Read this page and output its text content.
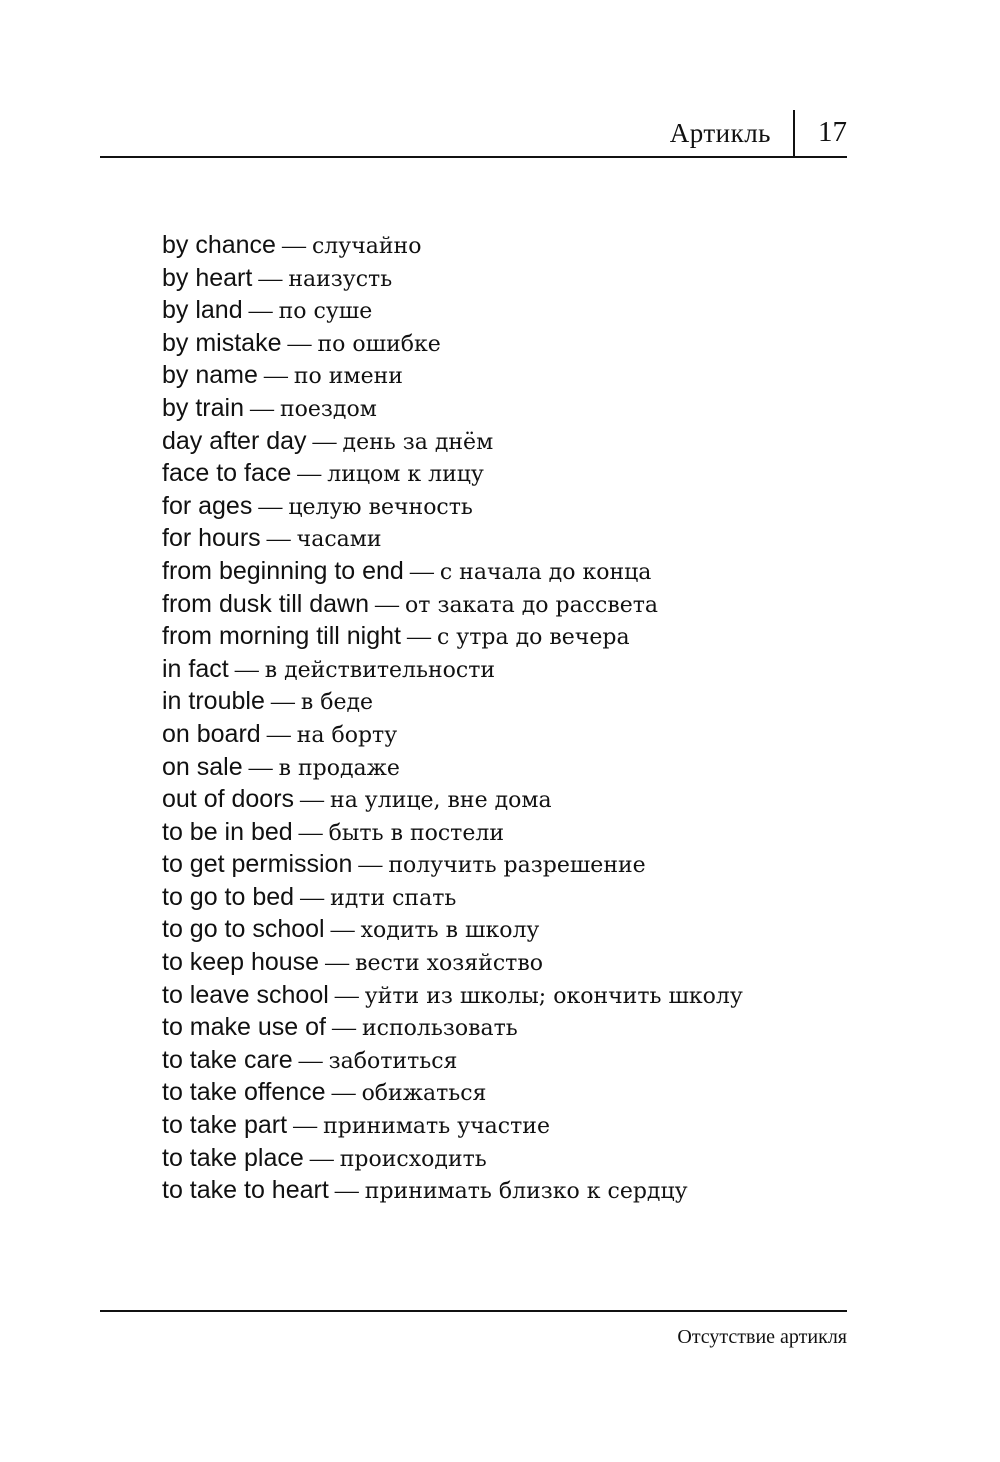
Артикль 17
by chance — случайно
by heart — наизусть
by land — по суше
by mistake — по ошибке
by name — по имени
by train — поездом
day after day — день за днём
face to face — лицом к лицу
for ages — целую вечность
for hours — часами
from beginning to end — с начала до конца
from dusk till dawn — от заката до рассвета
from morning till night — с утра до вечера
in fact — в действительности
in trouble — в беде
on board — на борту
on sale — в продаже
out of doors — на улице, вне дома
to be in bed — быть в постели
to get permission — получить разрешение
to go to bed — идти спать
to go to school — ходить в школу
to keep house — вести хозяйство
to leave school — уйти из школы; окончить школу
to make use of — использовать
to take care — заботиться
to take offence — обижаться
to take part — принимать участие
to take place — происходить
to take to heart — принимать близко к сердцу
Отсутствие артикля
